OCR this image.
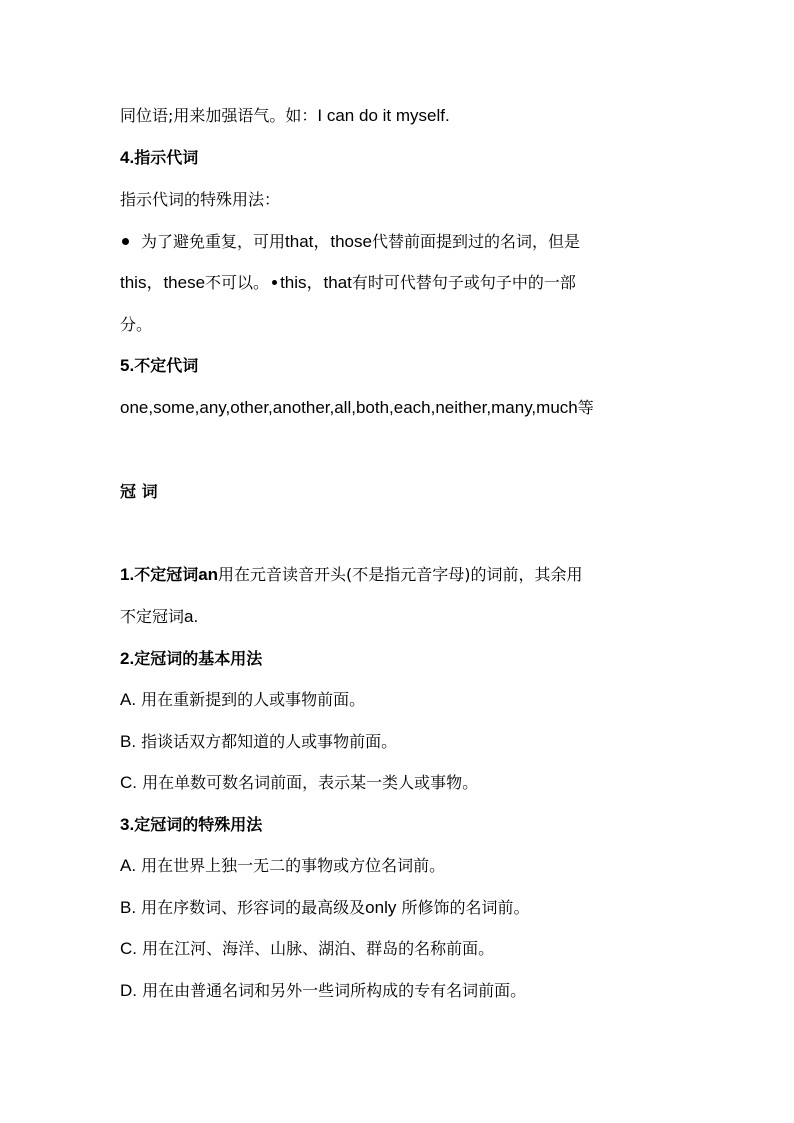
同位语;用来加强语气。如：I can do it myself.
4.指示代词
指示代词的特殊用法：
为了避免重复，可用that，those代替前面提到过的名词，但是
this，these不可以。 this，that有时可代替句子或句子中的一部
分。
5.不定代词
one,some,any,other,another,all,both,each,neither,many,much等
冠 词
1.不定冠词an用在元音读音开头(不是指元音字母)的词前，其余用
不定冠词a.
2.定冠词的基本用法
A. 用在重新提到的人或事物前面。
B. 指谈话双方都知道的人或事物前面。
C. 用在单数可数名词前面，表示某一类人或事物。
3.定冠词的特殊用法
A. 用在世界上独一无二的事物或方位名词前。
B. 用在序数词、形容词的最高级及only 所修饰的名词前。
C. 用在江河、海洋、山脉、湖泊、群岛的名称前面。
D. 用在由普通名词和另外一些词所构成的专有名词前面。
